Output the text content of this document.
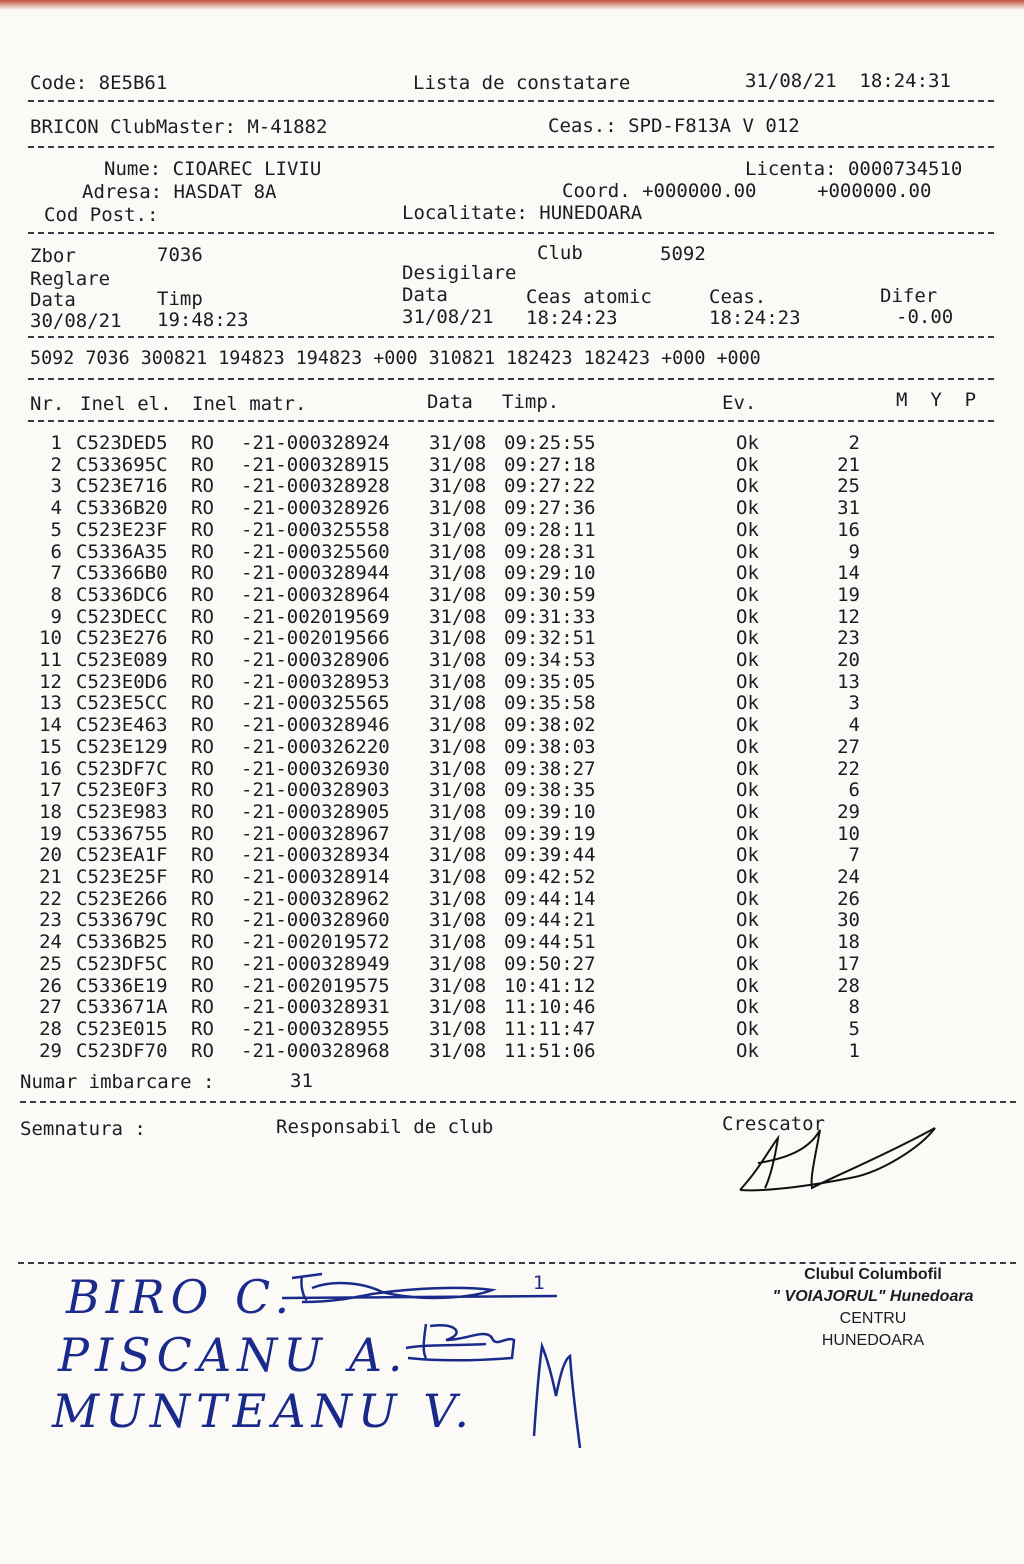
Code: 8E5B61	Lista de constatare	31/08/21  18:24:31
BRICON ClubMaster: M-41882	Ceas.: SPD-F813A V 012
Nume: CIOAREC LIVIU	Licenta: 0000734510
Adresa: HASDAT 8A	Coord. +000000.00	+000000.00
Cod Post.:	Localitate: HUNEDOARA
Zbor	7036	Club	5092
Reglare	Desigilare
Data	Timp	Data	Ceas atomic	Ceas.	Difer
30/08/21 19:48:23	31/08/21 18:24:23	18:24:23	-0.00
5092 7036 300821 194823 194823 +000 310821 182423 182423 +000 +000
Nr. Inel el. Inel matr.	Data Timp.	Ev.	M  Y  P
1 C523DED5 RO -21-000328924 31/08 09:25:55	Ok	2
2 C533695C RO -21-000328915 31/08 09:27:18	Ok	21
3 C523E716 RO -21-000328928 31/08 09:27:22	Ok	25
4 C5336B20 RO -21-000328926 31/08 09:27:36	Ok	31
5 C523E23F RO -21-000325558 31/08 09:28:11	Ok	16
6 C5336A35 RO -21-000325560 31/08 09:28:31	Ok	9
7 C53366B0 RO -21-000328944 31/08 09:29:10	Ok	14
8 C5336DC6 RO -21-000328964 31/08 09:30:59	Ok	19
9 C523DECC RO -21-002019569 31/08 09:31:33	Ok	12
10 C523E276 RO -21-002019566 31/08 09:32:51	Ok	23
11 C523E089 RO -21-000328906 31/08 09:34:53	Ok	20
12 C523E0D6 RO -21-000328953 31/08 09:35:05	Ok	13
13 C523E5CC RO -21-000325565 31/08 09:35:58	Ok	3
14 C523E463 RO -21-000328946 31/08 09:38:02	Ok	4
15 C523E129 RO -21-000326220 31/08 09:38:03	Ok	27
16 C523DF7C RO -21-000326930 31/08 09:38:27	Ok	22
17 C523E0F3 RO -21-000328903 31/08 09:38:35	Ok	6
18 C523E983 RO -21-000328905 31/08 09:39:10	Ok	29
19 C5336755 RO -21-000328967 31/08 09:39:19	Ok	10
20 C523EA1F RO -21-000328934 31/08 09:39:44	Ok	7
21 C523E25F RO -21-000328914 31/08 09:42:52	Ok	24
22 C523E266 RO -21-000328962 31/08 09:44:14	Ok	26
23 C533679C RO -21-000328960 31/08 09:44:21	Ok	30
24 C5336B25 RO -21-002019572 31/08 09:44:51	Ok	18
25 C523DF5C RO -21-000328949 31/08 09:50:27	Ok	17
26 C5336E19 RO -21-002019575 31/08 10:41:12	Ok	28
27 C533671A RO -21-000328931 31/08 11:10:46	Ok	8
28 C523E015 RO -21-000328955 31/08 11:11:47	Ok	5
29 C523DF70 RO -21-000328968 31/08 11:51:06	Ok	1
Numar imbarcare :	31
Semnatura :	Responsabil de club	Crescator
BIRO C.	1
PISCANU A.
MUNTEANU V.
Clubul Columbofil
" VOIAJORUL" Hunedoara
CENTRU
HUNEDOARA
